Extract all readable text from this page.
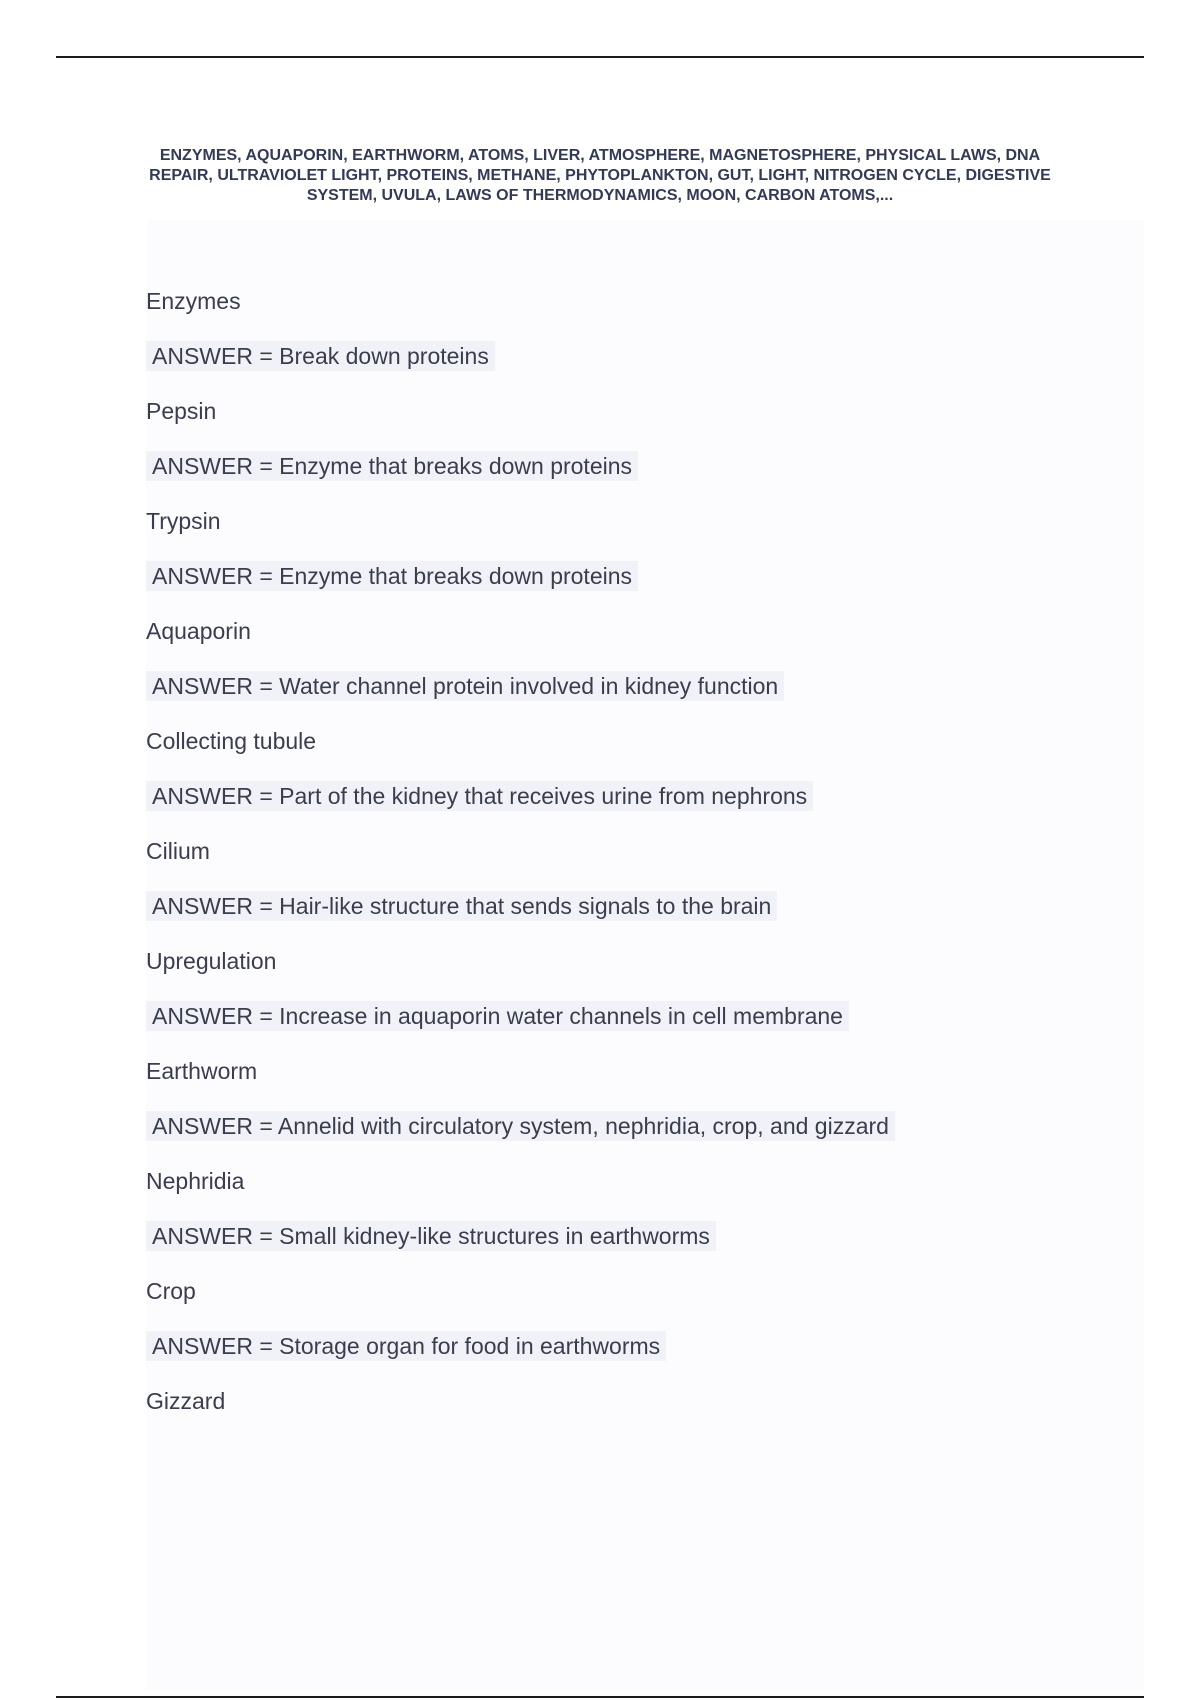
ENZYMES, AQUAPORIN, EARTHWORM, ATOMS, LIVER, ATMOSPHERE, MAGNETOSPHERE, PHYSICAL LAWS, DNA REPAIR, ULTRAVIOLET LIGHT, PROTEINS, METHANE, PHYTOPLANKTON, GUT, LIGHT, NITROGEN CYCLE, DIGESTIVE SYSTEM, UVULA, LAWS OF THERMODYNAMICS, MOON, CARBON ATOMS,...
Enzymes
ANSWER = Break down proteins
Pepsin
ANSWER = Enzyme that breaks down proteins
Trypsin
ANSWER = Enzyme that breaks down proteins
Aquaporin
ANSWER = Water channel protein involved in kidney function
Collecting tubule
ANSWER = Part of the kidney that receives urine from nephrons
Cilium
ANSWER = Hair-like structure that sends signals to the brain
Upregulation
ANSWER = Increase in aquaporin water channels in cell membrane
Earthworm
ANSWER = Annelid with circulatory system, nephridia, crop, and gizzard
Nephridia
ANSWER = Small kidney-like structures in earthworms
Crop
ANSWER = Storage organ for food in earthworms
Gizzard
